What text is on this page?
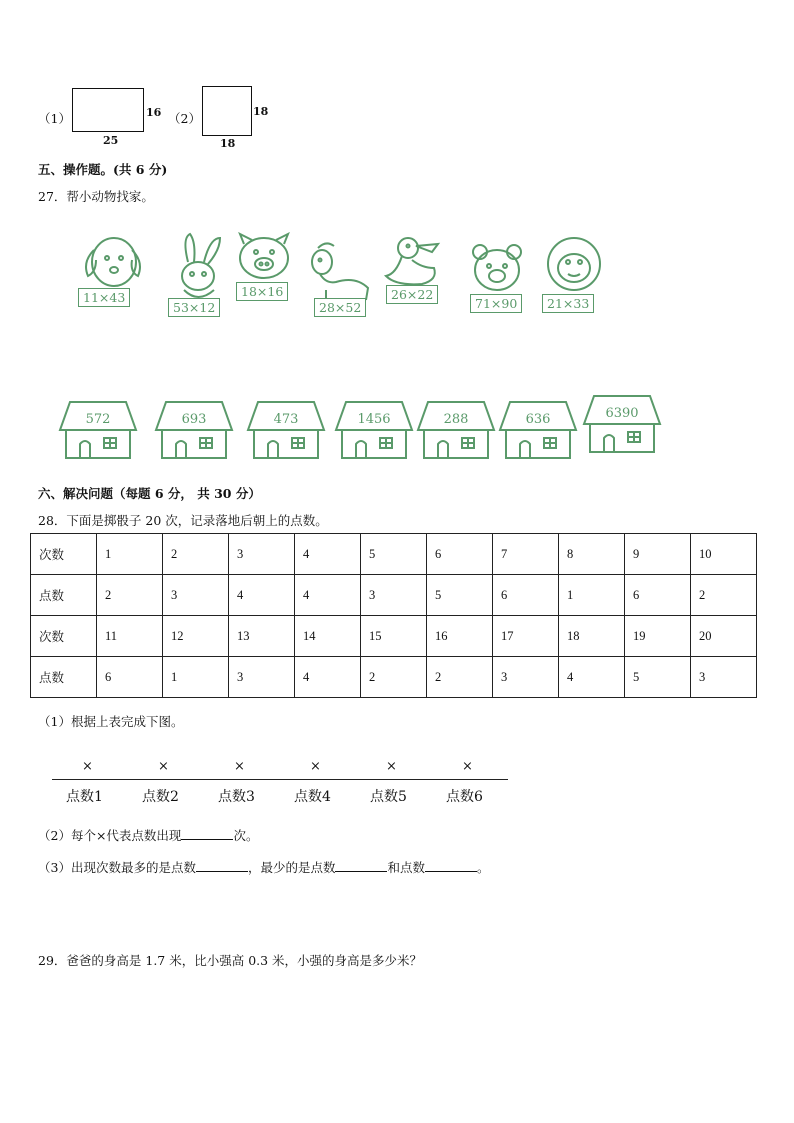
（1）	16
25
（2）	18
18
五、操作题。(共 6 分)
27．帮小动物找家。
11×43
53×12
18×16
28×52
26×22
71×90	21×33
572	693	473	1456	288	636	6390
六、解决问题（每题 6 分， 共 30 分）
28．下面是掷骰子 20 次，记录落地后朝上的点数。
次数	1	2	3	4	5	6	7	8	9	10
点数	2	3	4	4	3	5	6	1	6	2
次数	11	12	13	14	15	16	17	18	19	20
点数	6	1	3	4	2	2	3	4	5	3
（1）根据上表完成下图。
×
点数1
×
点数2
×
点数3
×
点数4
×
点数5
×
点数6
（2）每个×代表点数出现	次。
（3）出现次数最多的是点数	，最少的是点数	和点数	。
29．爸爸的身高是 1.7 米，比小强高 0.3 米，小强的身高是多少米？
